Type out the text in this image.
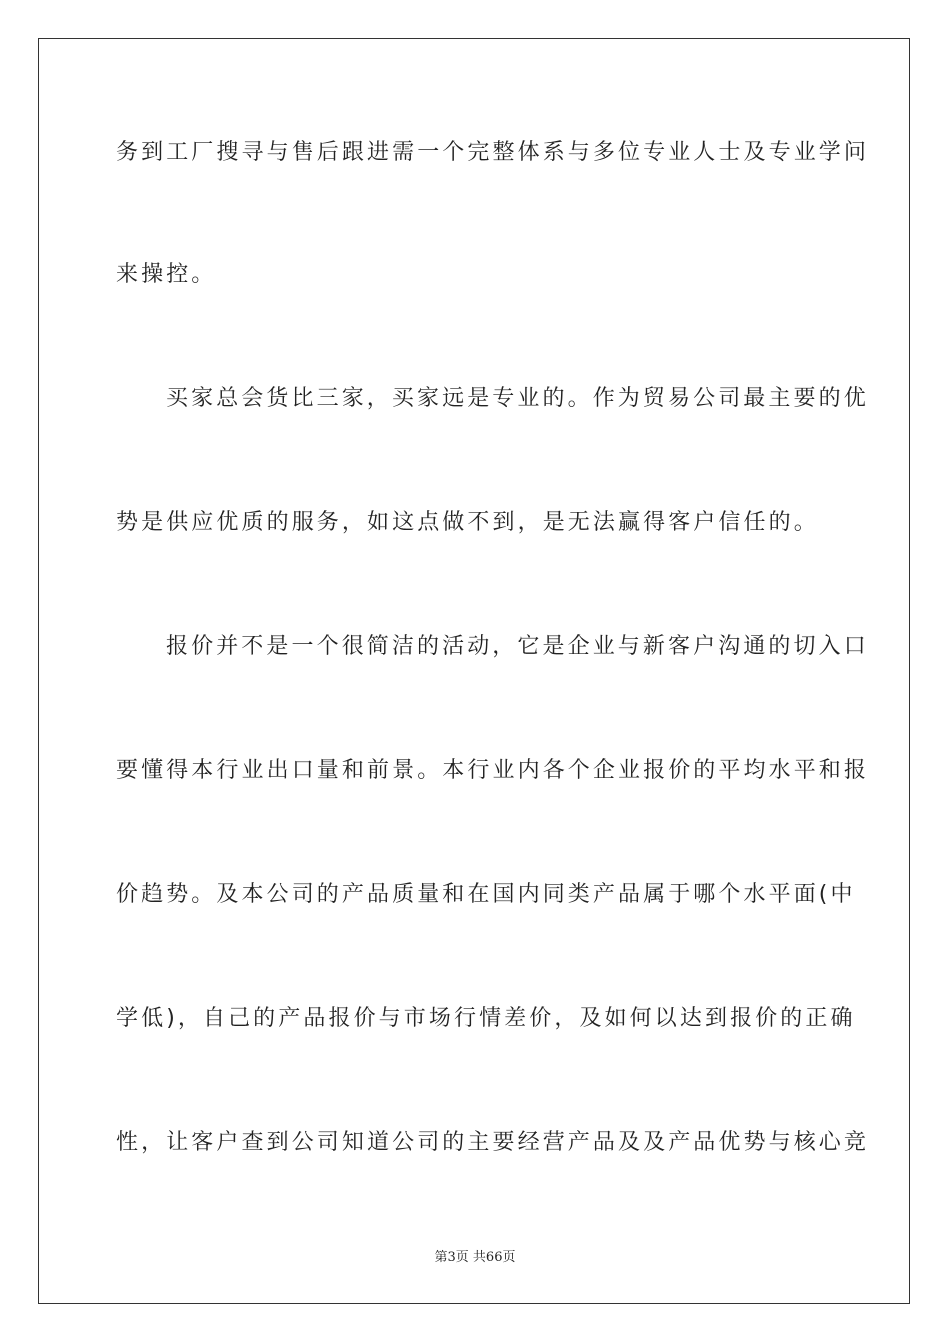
务到工厂搜寻与售后跟进需一个完整体系与多位专业人士及专业学问
来操控。
买家总会货比三家，买家远是专业的。作为贸易公司最主要的优
势是供应优质的服务，如这点做不到，是无法赢得客户信任的。
报价并不是一个很简洁的活动，它是企业与新客户沟通的切入口
要懂得本行业出口量和前景。本行业内各个企业报价的平均水平和报
价趋势。及本公司的产品质量和在国内同类产品属于哪个水平面(中
学低)，自己的产品报价与市场行情差价，及如何以达到报价的正确
性，让客户查到公司知道公司的主要经营产品及及产品优势与核心竞
第3页 共66页
